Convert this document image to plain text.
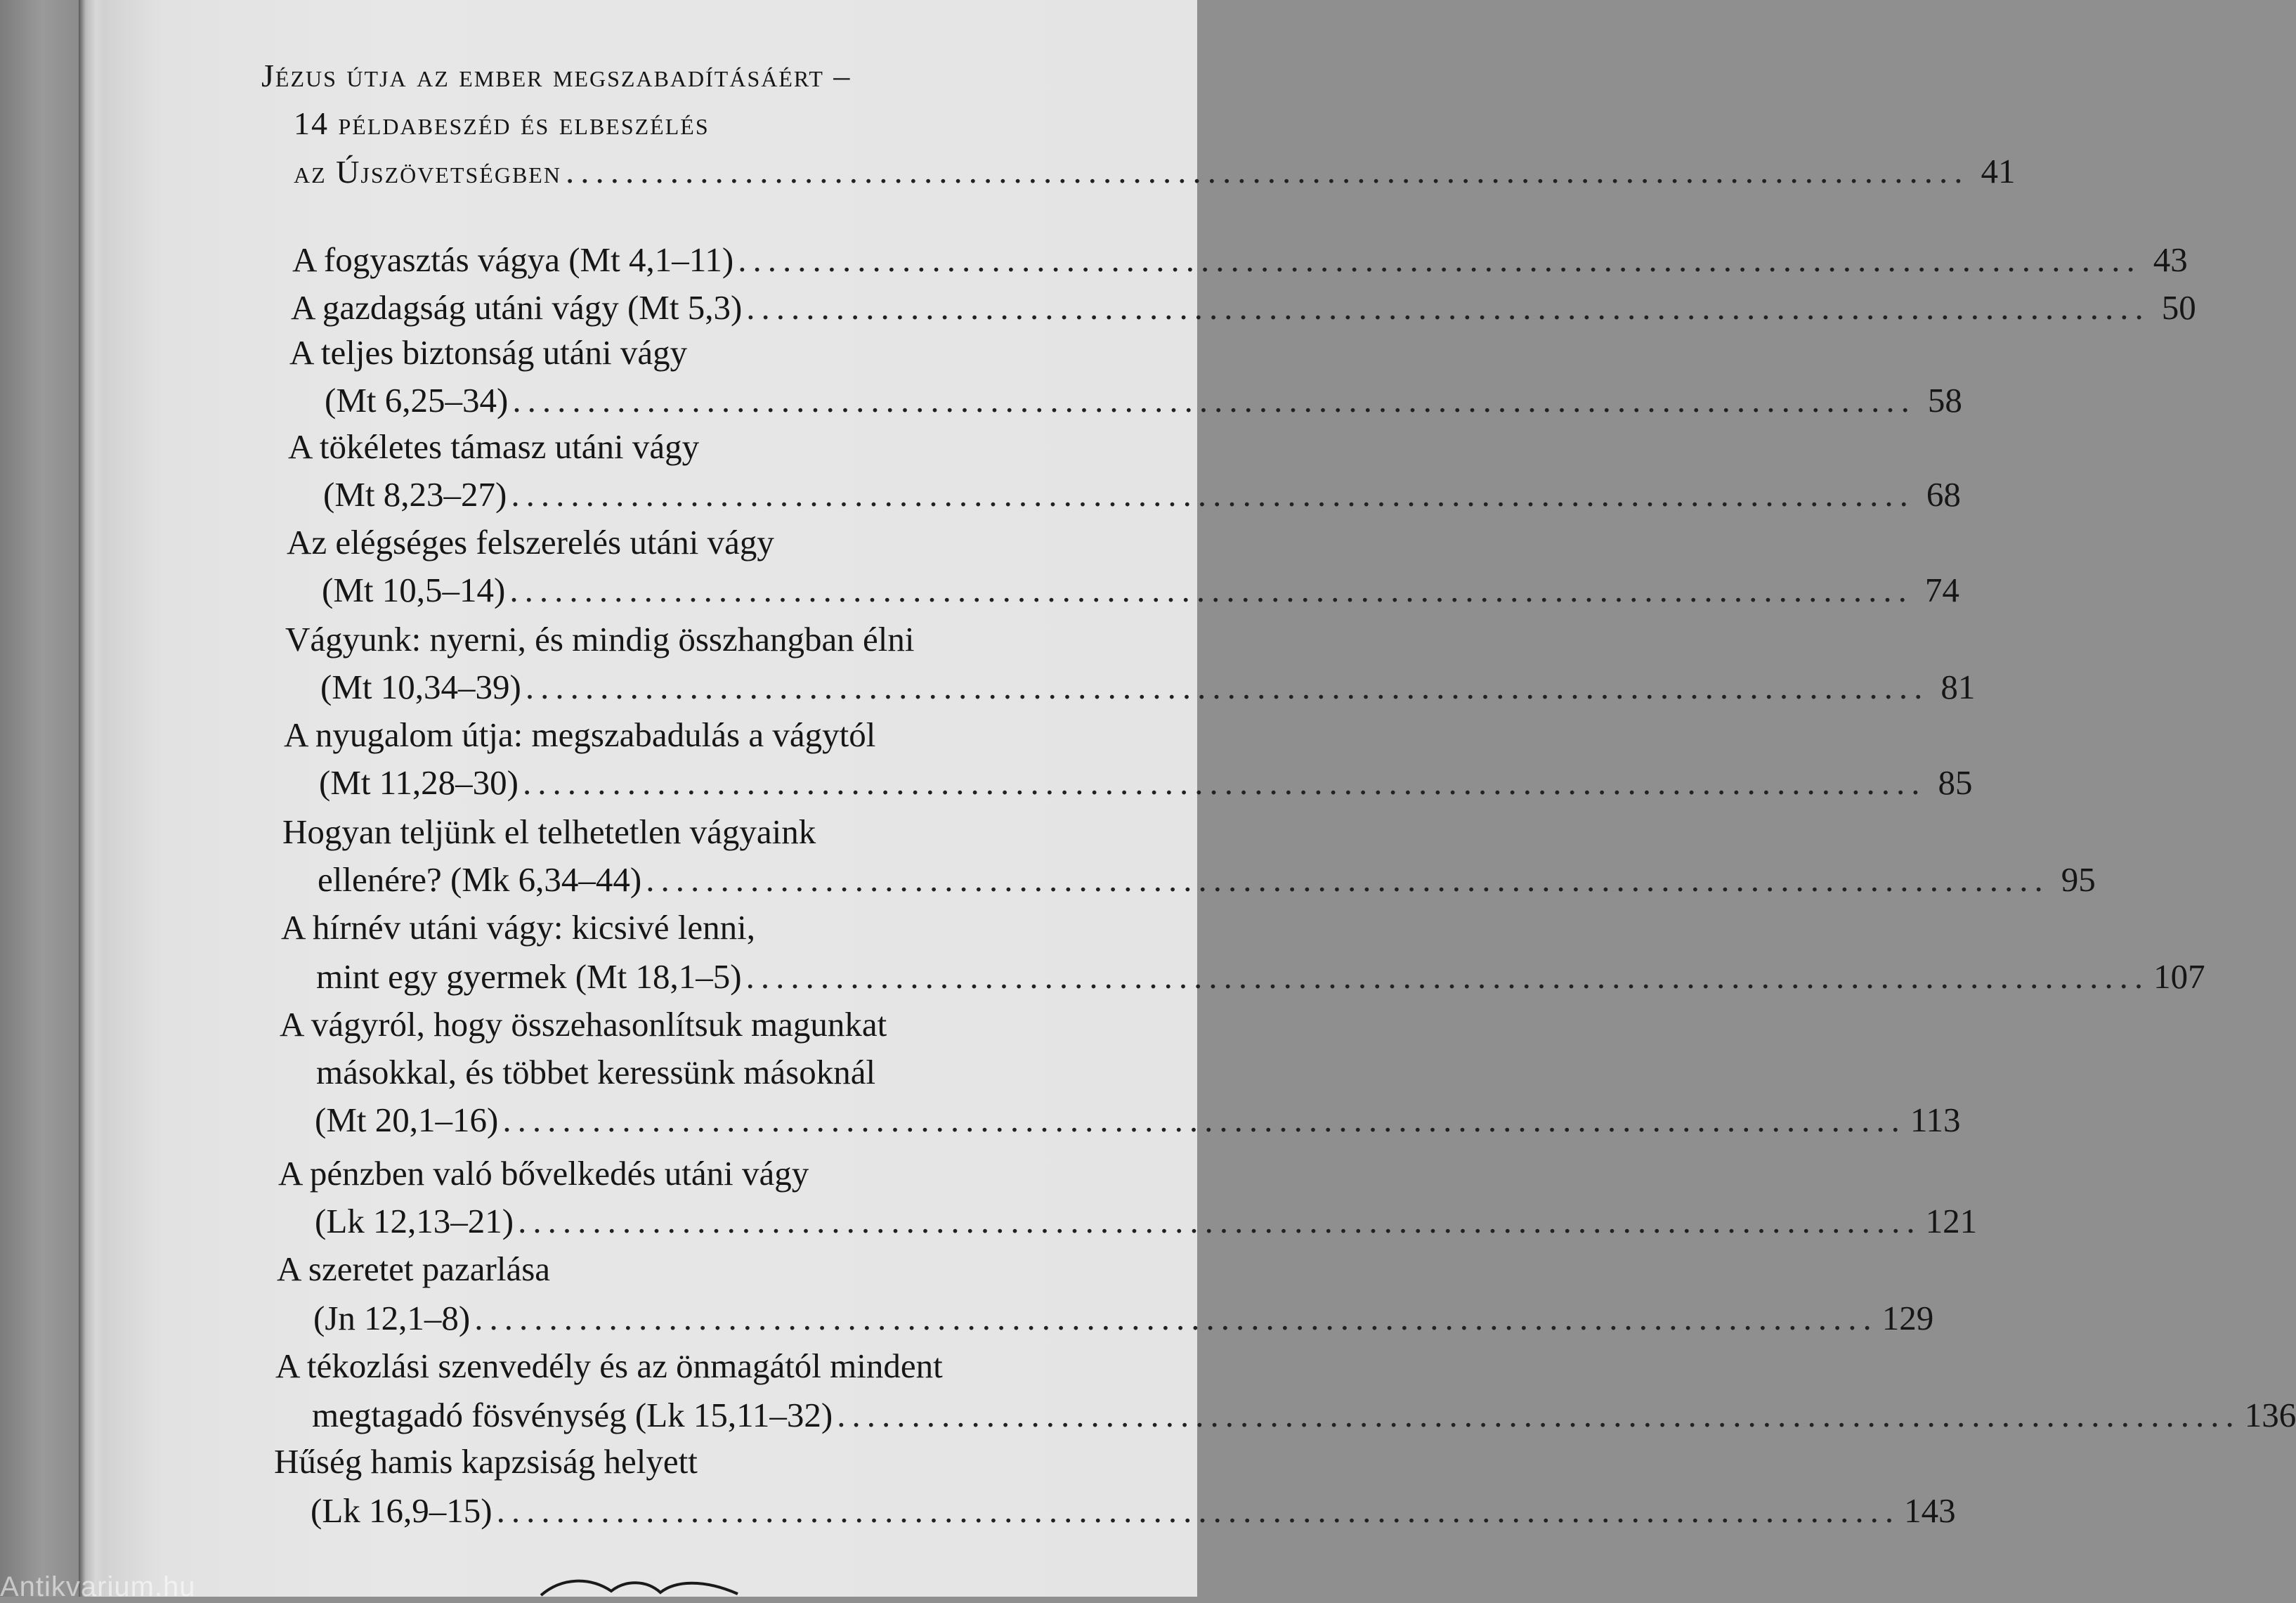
Jézus útja az ember megszabadításáért –
14 példabeszéd és elbeszélés
az Újszövetségben .............................................................................................. 41
A fogyasztás vágya (Mt 4,1–11) .............................................................................................. 43
A gazdagság utáni vágy (Mt 5,3) .............................................................................................. 50
A teljes biztonság utáni vágy
(Mt 6,25–34) .............................................................................................. 58
A tökéletes támasz utáni vágy
(Mt 8,23–27) .............................................................................................. 68
Az elégséges felszerelés utáni vágy
(Mt 10,5–14) .............................................................................................. 74
Vágyunk: nyerni, és mindig összhangban élni
(Mt 10,34–39) .............................................................................................. 81
A nyugalom útja: megszabadulás a vágytól
(Mt 11,28–30) .............................................................................................. 85
Hogyan teljünk el telhetetlen vágyaink
ellenére? (Mk 6,34–44) .............................................................................................. 95
A hírnév utáni vágy: kicsivé lenni,
mint egy gyermek (Mt 18,1–5) .............................................................................................. 107
A vágyról, hogy összehasonlítsuk magunkat
másokkal, és többet keressünk másoknál
(Mt 20,1–16) .............................................................................................. 113
A pénzben való bővelkedés utáni vágy
(Lk 12,13–21) .............................................................................................. 121
A szeretet pazarlása
(Jn 12,1–8) .............................................................................................. 129
A tékozlási szenvedély és az önmagától mindent
megtagadó fösvénység (Lk 15,11–32) .............................................................................................. 136
Hűség hamis kapzsiság helyett
(Lk 16,9–15) .............................................................................................. 143
Antikvarium.hu
